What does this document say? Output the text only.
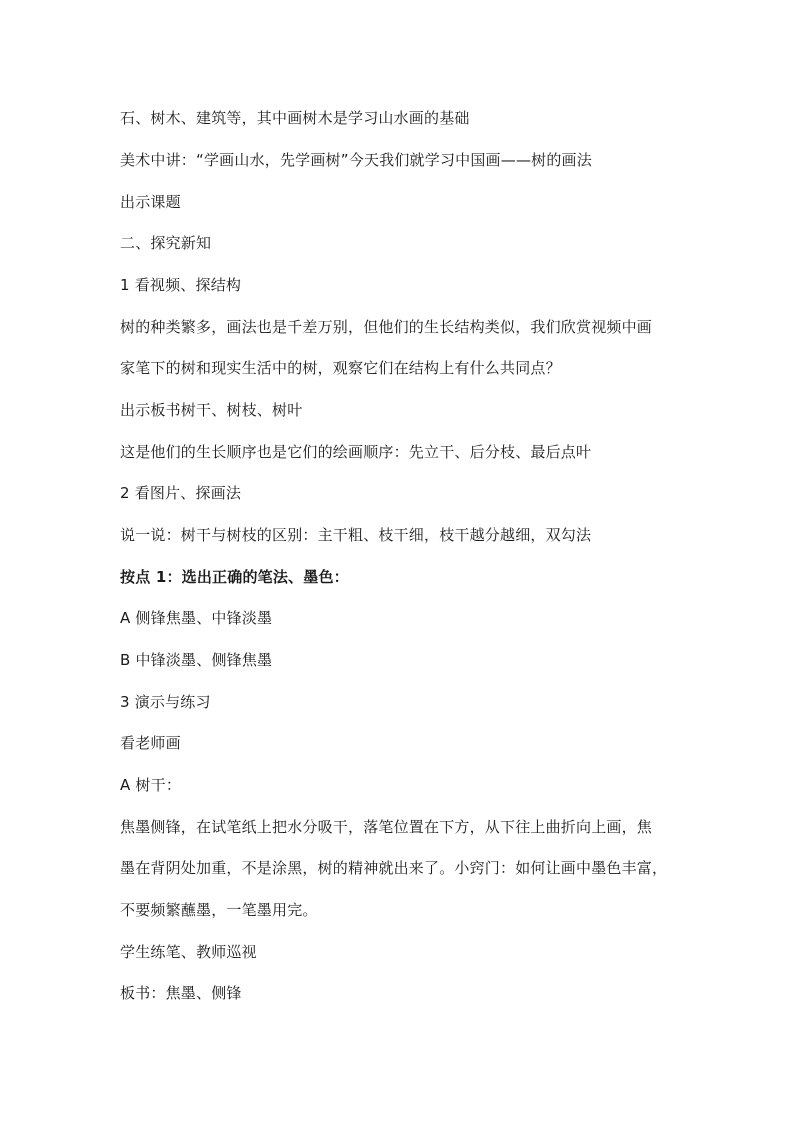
石、树木、建筑等，其中画树木是学习山水画的基础
美术中讲：“学画山水，先学画树”今天我们就学习中国画——树的画法
出示课题
二、探究新知
1 看视频、探结构
树的种类繁多，画法也是千差万别，但他们的生长结构类似，我们欣赏视频中画
家笔下的树和现实生活中的树，观察它们在结构上有什么共同点？
出示板书树干、树枝、树叶
这是他们的生长顺序也是它们的绘画顺序：先立干、后分枝、最后点叶
2 看图片、探画法
说一说：树干与树枝的区别：主干粗、枝干细，枝干越分越细，双勾法
按点 1：选出正确的笔法、墨色：
A 侧锋焦墨、中锋淡墨
B 中锋淡墨、侧锋焦墨
3 演示与练习
看老师画
A 树干：
焦墨侧锋，在试笔纸上把水分吸干，落笔位置在下方，从下往上曲折向上画，焦
墨在背阴处加重，不是涂黑，树的精神就出来了。小窍门：如何让画中墨色丰富，
不要频繁蘸墨，一笔墨用完。
学生练笔、教师巡视
板书：焦墨、侧锋
